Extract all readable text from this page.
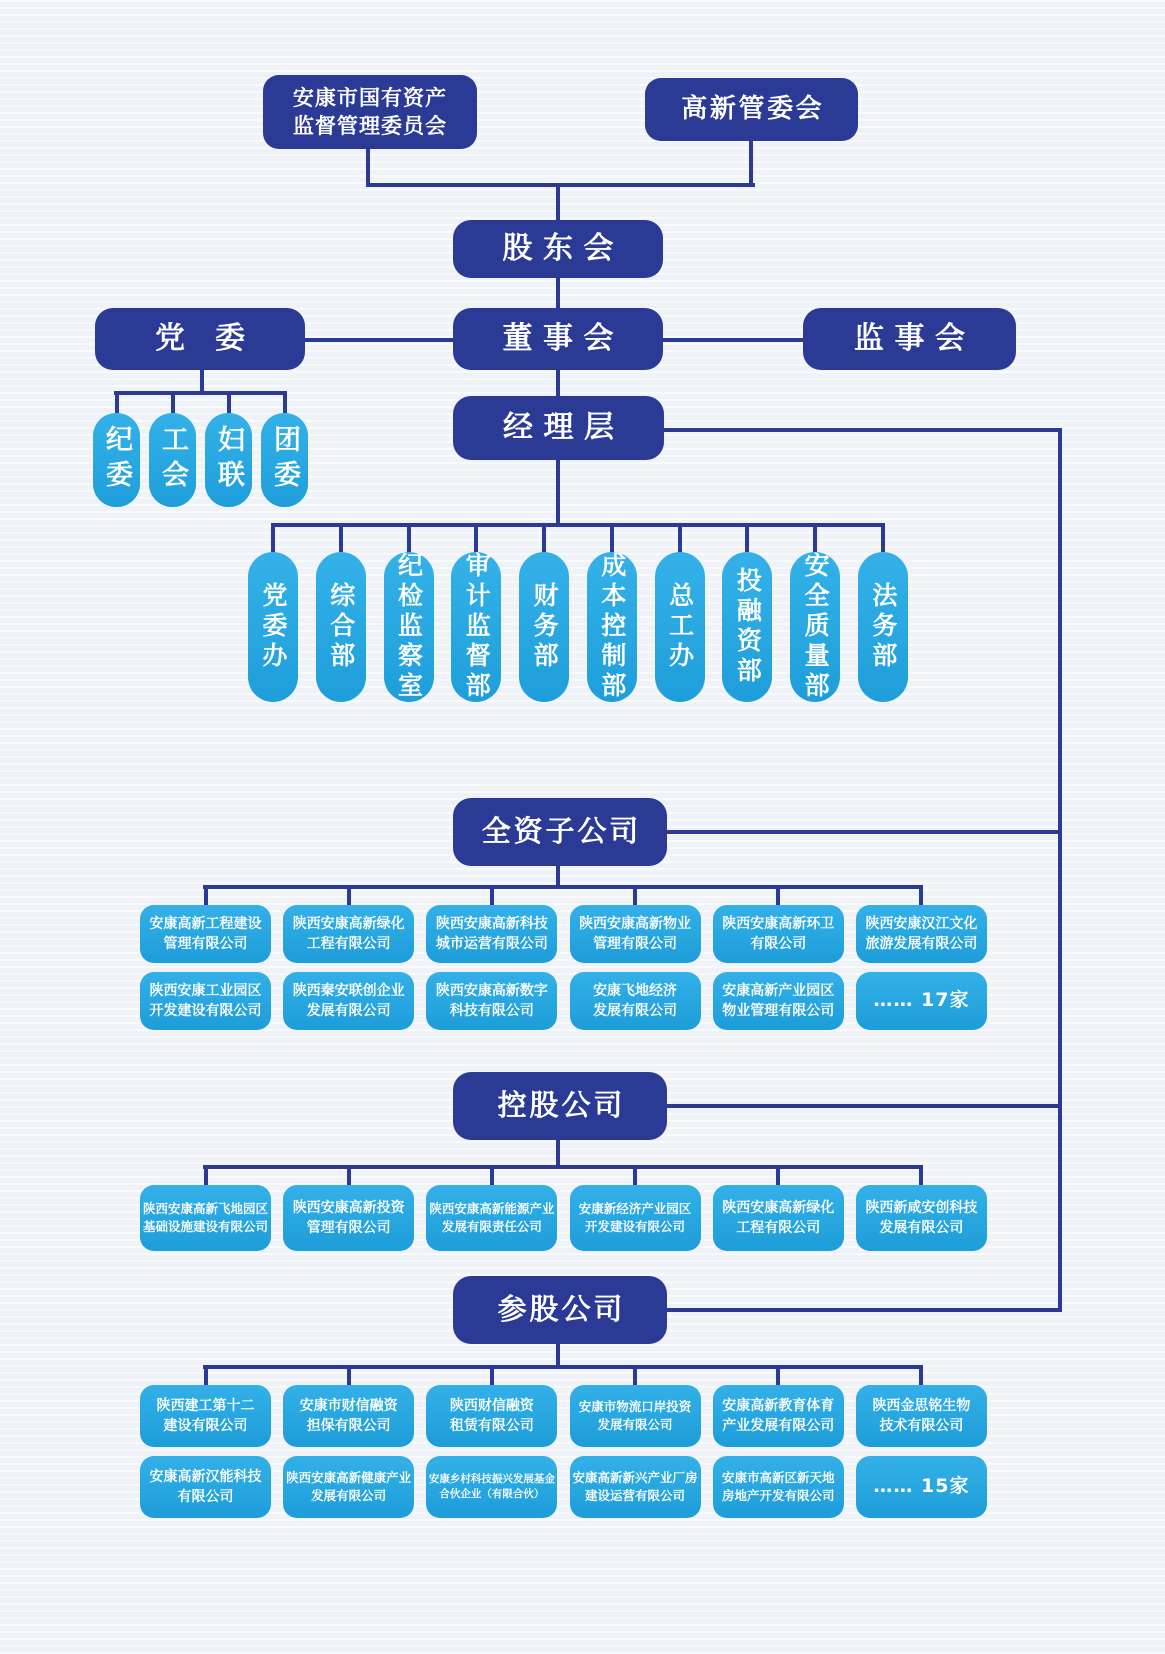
安康市国有资产
监督管理委员会
高新管委会
股东会
党委	董事会	监事会
经理层
纪委 工会 妇联 团委
党委办 综合部 纪检监察室 审计监督部 财务部 成本控制部 总工办 投融资部 安全质量部 法务部
全资子公司
安康高新工程建设
管理有限公司
陕西安康高新绿化
工程有限公司
陕西安康高新科技
城市运营有限公司
陕西安康高新物业
管理有限公司
陕西安康高新环卫
有限公司
陕西安康汉江文化
旅游发展有限公司
陕西安康工业园区
开发建设有限公司
陕西秦安联创企业
发展有限公司
陕西安康高新数字
科技有限公司
安康飞地经济
发展有限公司
安康高新产业园区
物业管理有限公司 …… 17家
控股公司
陕西安康高新飞地园区
基础设施建设有限公司
陕西安康高新投资
管理有限公司
陕西安康高新能源产业
发展有限责任公司
安康新经济产业园区
开发建设有限公司
陕西安康高新绿化
工程有限公司
陕西新咸安创科技
发展有限公司
参股公司
陕西建工第十二
建设有限公司
安康市财信融资
担保有限公司
陕西财信融资
租赁有限公司
安康市物流口岸投资
发展有限公司
安康高新教育体育
产业发展有限公司
陕西金思铭生物
技术有限公司
安康高新汉能科技
有限公司
陕西安康高新健康产业
发展有限公司
安康乡村科技振兴发展基金
合伙企业（有限合伙）
安康高新新兴产业厂房
建设运营有限公司
安康市高新区新天地
房地产开发有限公司 …… 15家
